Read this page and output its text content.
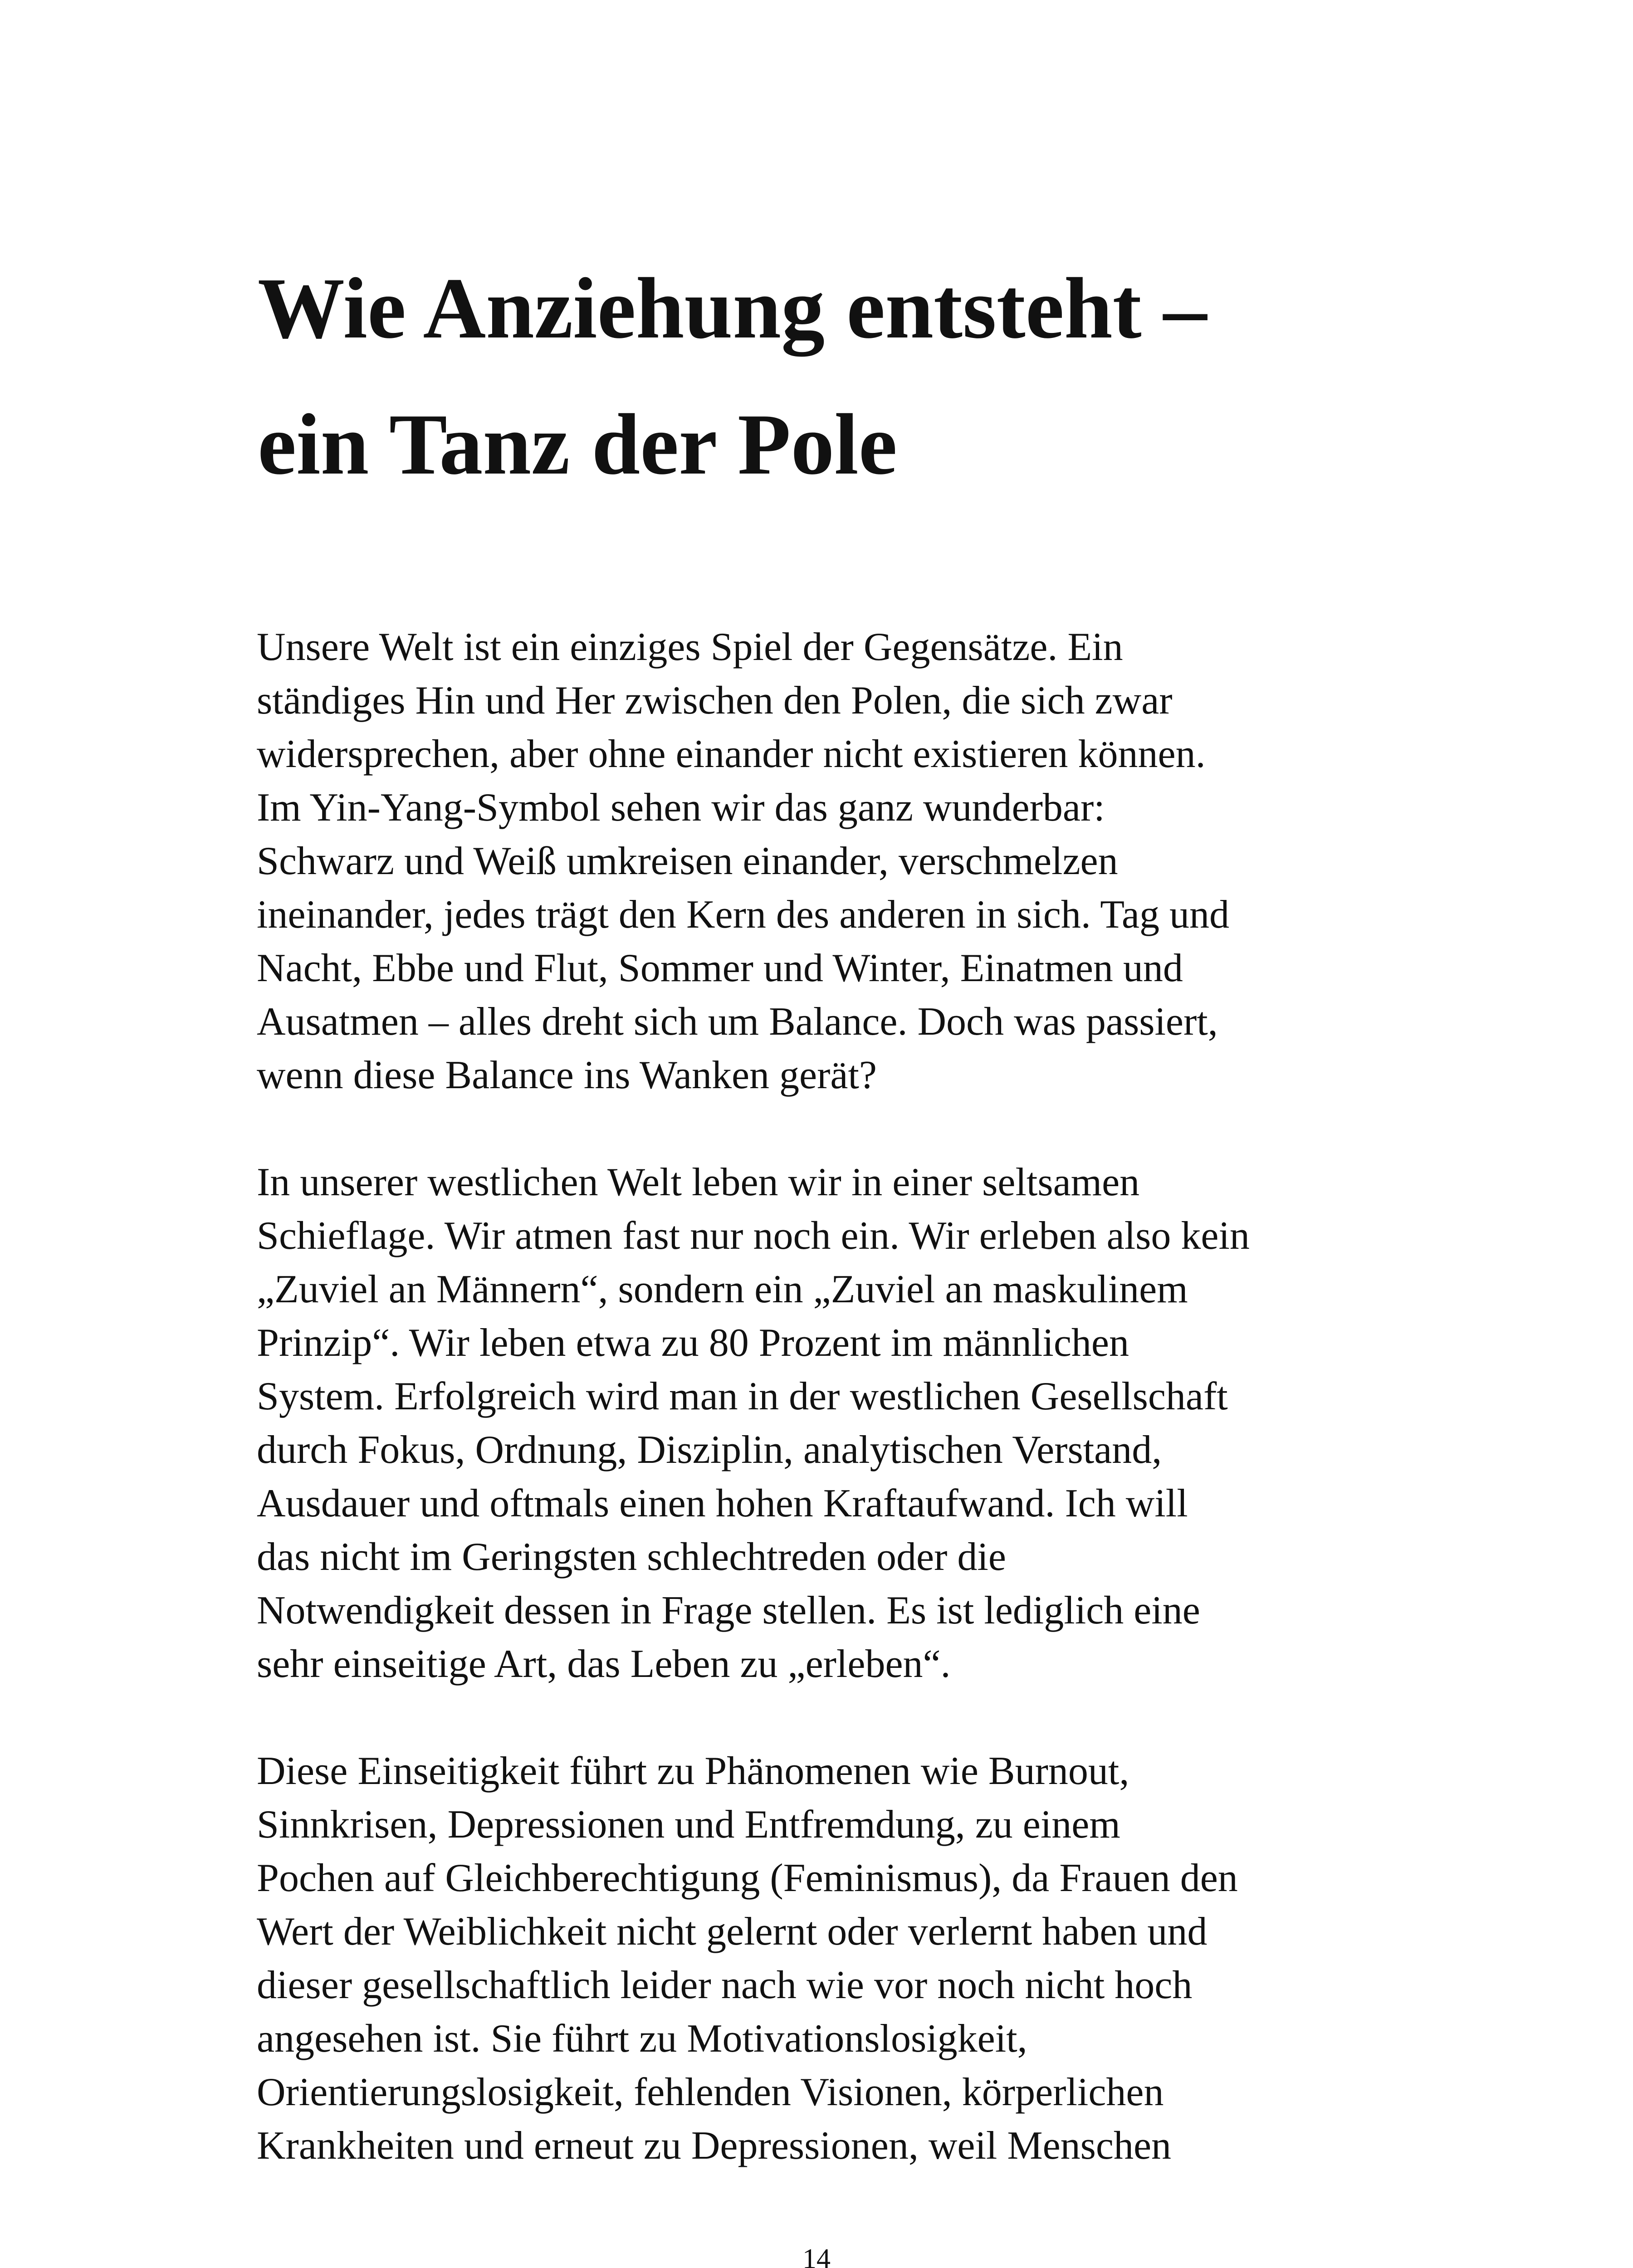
Wie Anziehung entsteht –
ein Tanz der Pole

Unsere Welt ist ein einziges Spiel der Gegensätze. Ein
ständiges Hin und Her zwischen den Polen, die sich zwar
widersprechen, aber ohne einander nicht existieren können.
Im Yin-Yang-Symbol sehen wir das ganz wunderbar:
Schwarz und Weiß umkreisen einander, verschmelzen
ineinander, jedes trägt den Kern des anderen in sich. Tag und
Nacht, Ebbe und Flut, Sommer und Winter, Einatmen und
Ausatmen – alles dreht sich um Balance. Doch was passiert,
wenn diese Balance ins Wanken gerät?

In unserer westlichen Welt leben wir in einer seltsamen
Schieflage. Wir atmen fast nur noch ein. Wir erleben also kein
„Zuviel an Männern“, sondern ein „Zuviel an maskulinem
Prinzip“. Wir leben etwa zu 80 Prozent im männlichen
System. Erfolgreich wird man in der westlichen Gesellschaft
durch Fokus, Ordnung, Disziplin, analytischen Verstand,
Ausdauer und oftmals einen hohen Kraftaufwand. Ich will
das nicht im Geringsten schlechtreden oder die
Notwendigkeit dessen in Frage stellen. Es ist lediglich eine
sehr einseitige Art, das Leben zu „erleben“.

Diese Einseitigkeit führt zu Phänomenen wie Burnout,
Sinnkrisen, Depressionen und Entfremdung, zu einem
Pochen auf Gleichberechtigung (Feminismus), da Frauen den
Wert der Weiblichkeit nicht gelernt oder verlernt haben und
dieser gesellschaftlich leider nach wie vor noch nicht hoch
angesehen ist. Sie führt zu Motivationslosigkeit,
Orientierungslosigkeit, fehlenden Visionen, körperlichen
Krankheiten und erneut zu Depressionen, weil Menschen

14
